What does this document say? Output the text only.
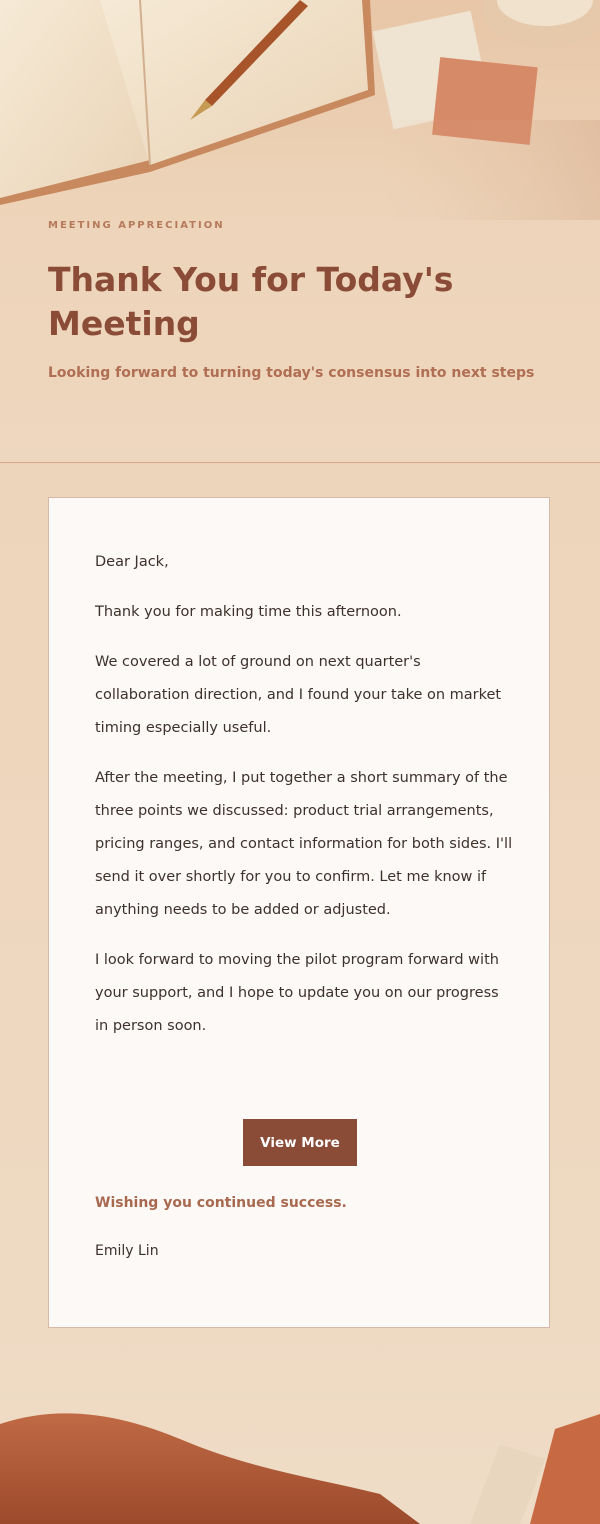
MEETING APPRECIATION
Thank You for Today's Meeting
Looking forward to turning today's consensus into next steps

Dear Jack,

Thank you for making time this afternoon.

We covered a lot of ground on next quarter's collaboration direction, and I found your take on market timing especially useful.

After the meeting, I put together a short summary of the three points we discussed: product trial arrangements, pricing ranges, and contact information for both sides. I'll send it over shortly for you to confirm. Let me know if anything needs to be added or adjusted.

I look forward to moving the pilot program forward with your support, and I hope to update you on our progress in person soon.

View More
Wishing you continued success.
Emily Lin
